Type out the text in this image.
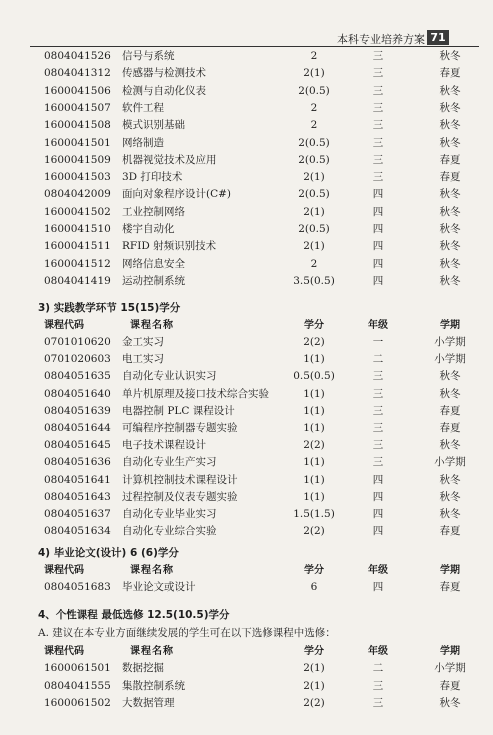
本科专业培养方案 71
0804041526 信号与系统	2	三	秋冬
0804041312 传感器与检测技术	2(1)	三	春夏
1600041506 检测与自动化仪表	2(0.5)	三	秋冬
1600041507 软件工程	2	三	秋冬
1600041508 模式识别基础	2	三	秋冬
1600041501 网络制造	2(0.5)	三	秋冬
1600041509 机器视觉技术及应用	2(0.5)	三	春夏
1600041503 3D 打印技术	2(1)	三	春夏
0804042009 面向对象程序设计(C#)	2(0.5)	四	秋冬
1600041502 工业控制网络	2(1)	四	秋冬
1600041510 楼宇自动化	2(0.5)	四	秋冬
1600041511 RFID 射频识别技术	2(1)	四	秋冬
1600041512 网络信息安全	2	四	秋冬
0804041419 运动控制系统	3.5(0.5)	四	秋冬
3) 实践教学环节 15(15)学分
课程代码	课程名称	学分	年级	学期
0701010620 金工实习	2(2)	一	小学期
0701020603 电工实习	1(1)	二	小学期
0804051635 自动化专业认识实习	0.5(0.5)	三	秋冬
0804051640 单片机原理及接口技术综合实验	1(1)	三	秋冬
0804051639 电器控制 PLC 课程设计	1(1)	三	春夏
0804051644 可编程序控制器专题实验	1(1)	三	春夏
0804051645 电子技术课程设计	2(2)	三	秋冬
0804051636 自动化专业生产实习	1(1)	三	小学期
0804051641 计算机控制技术课程设计	1(1)	四	秋冬
0804051643 过程控制及仪表专题实验	1(1)	四	秋冬
0804051637 自动化专业毕业实习	1.5(1.5)	四	秋冬
0804051634 自动化专业综合实验	2(2)	四	春夏
4) 毕业论文(设计) 6 (6)学分
课程代码	课程名称	学分	年级	学期
0804051683 毕业论文或设计	6	四	春夏
4、个性课程 最低选修 12.5(10.5)学分
A. 建议在本专业方面继续发展的学生可在以下选修课程中选修：
课程代码	课程名称	学分	年级	学期
1600061501 数据挖掘	2(1)	二	小学期
0804041555 集散控制系统	2(1)	三	春夏
1600061502 大数据管理	2(2)	三	秋冬
